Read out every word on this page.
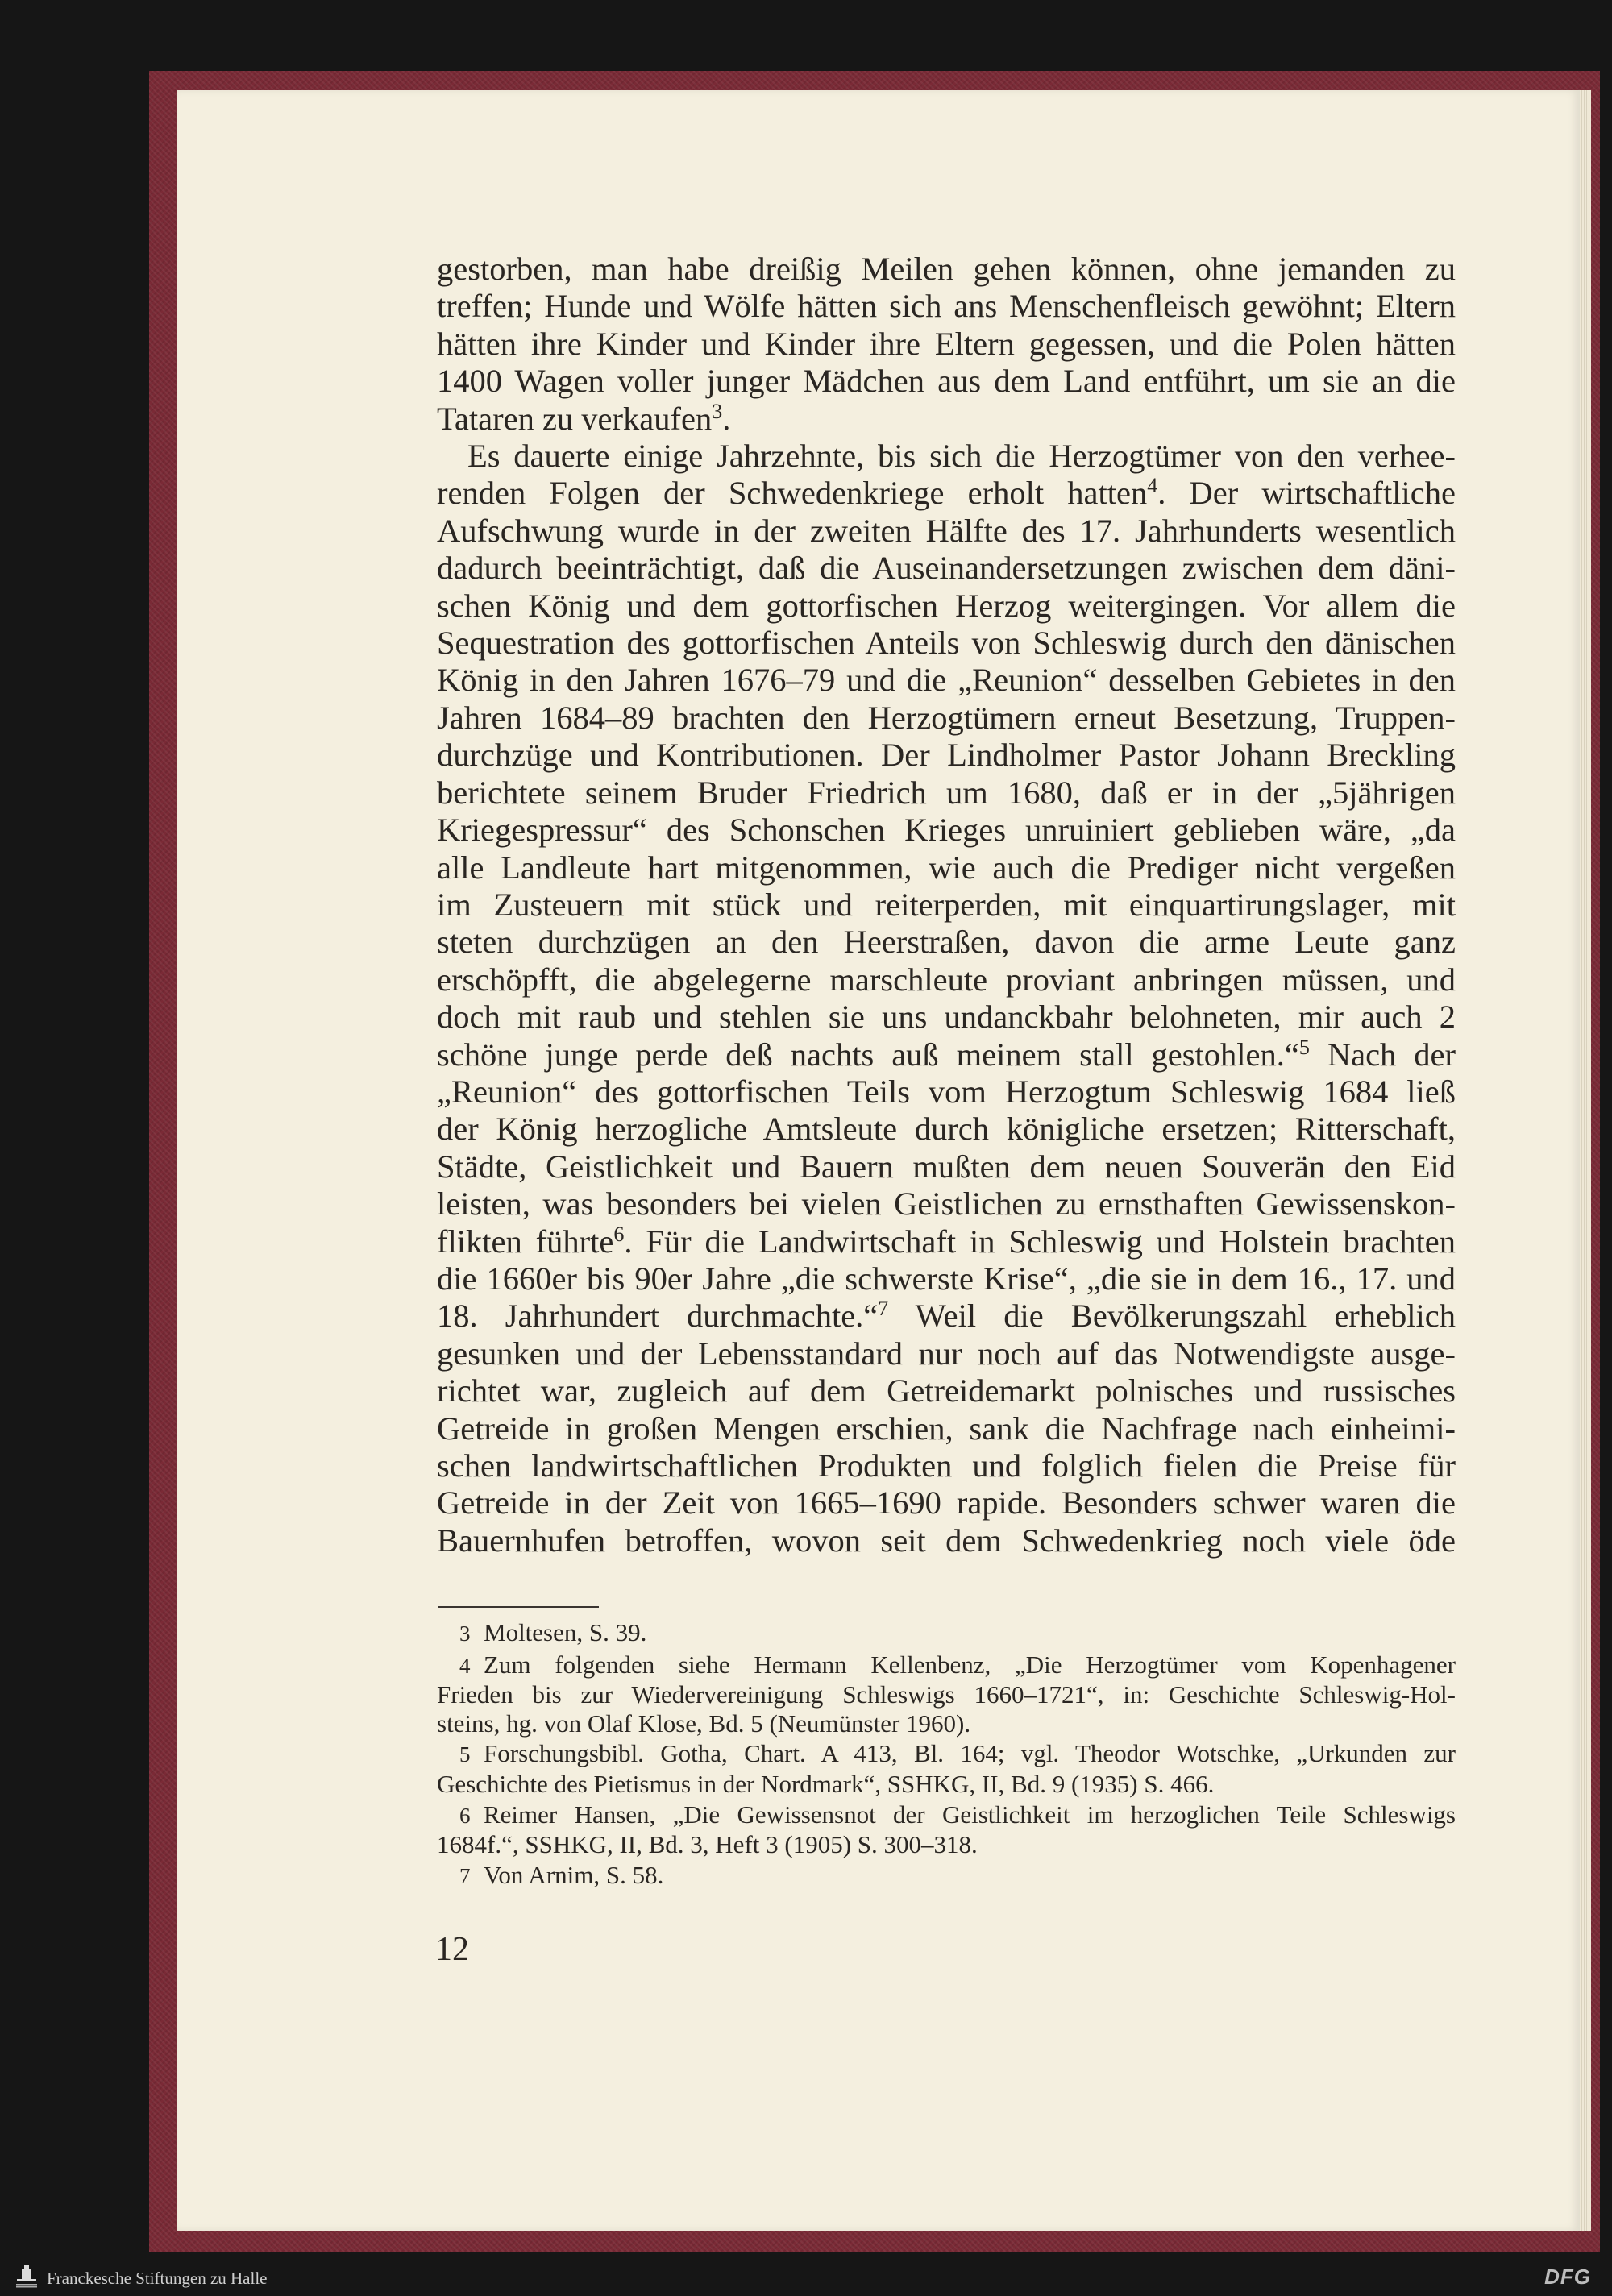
gestorben, man habe dreißig Meilen gehen können, ohne jemanden zu
treffen; Hunde und Wölfe hätten sich ans Menschenfleisch gewöhnt; Eltern
hätten ihre Kinder und Kinder ihre Eltern gegessen, und die Polen hätten
1400 Wagen voller junger Mädchen aus dem Land entführt, um sie an die
Tataren zu verkaufen$^3$.
Es dauerte einige Jahrzehnte, bis sich die Herzogtümer von den verhee-
renden Folgen der Schwedenkriege erholt hatten$^4$. Der wirtschaftliche
Aufschwung wurde in der zweiten Hälfte des 17. Jahrhunderts wesentlich
dadurch beeinträchtigt, daß die Auseinandersetzungen zwischen dem däni-
schen König und dem gottorfischen Herzog weitergingen. Vor allem die
Sequestration des gottorfischen Anteils von Schleswig durch den dänischen
König in den Jahren 1676–79 und die „Reunion“ desselben Gebietes in den
Jahren 1684–89 brachten den Herzogtümern erneut Besetzung, Truppen-
durchzüge und Kontributionen. Der Lindholmer Pastor Johann Breckling
berichtete seinem Bruder Friedrich um 1680, daß er in der „5jährigen
Kriegespressur“ des Schonschen Krieges unruiniert geblieben wäre, „da
alle Landleute hart mitgenommen, wie auch die Prediger nicht vergeßen
im Zusteuern mit stück und reiterperden, mit einquartirungslager, mit
steten durchzügen an den Heerstraßen, davon die arme Leute ganz
erschöpfft, die abgelegerne marschleute proviant anbringen müssen, und
doch mit raub und stehlen sie uns undanckbahr belohneten, mir auch 2
schöne junge perde deß nachts auß meinem stall gestohlen.“$^5$ Nach der
„Reunion“ des gottorfischen Teils vom Herzogtum Schleswig 1684 ließ
der König herzogliche Amtsleute durch königliche ersetzen; Ritterschaft,
Städte, Geistlichkeit und Bauern mußten dem neuen Souverän den Eid
leisten, was besonders bei vielen Geistlichen zu ernsthaften Gewissenskon-
flikten führte$^6$. Für die Landwirtschaft in Schleswig und Holstein brachten
die 1660er bis 90er Jahre „die schwerste Krise“, „die sie in dem 16., 17. und
18. Jahrhundert durchmachte.“$^7$ Weil die Bevölkerungszahl erheblich
gesunken und der Lebensstandard nur noch auf das Notwendigste ausge-
richtet war, zugleich auf dem Getreidemarkt polnisches und russisches
Getreide in großen Mengen erschien, sank die Nachfrage nach einheimi-
schen landwirtschaftlichen Produkten und folglich fielen die Preise für
Getreide in der Zeit von 1665–1690 rapide. Besonders schwer waren die
Bauernhufen betroffen, wovon seit dem Schwedenkrieg noch viele öde
3 Moltesen, S. 39.
4 Zum folgenden siehe Hermann Kellenbenz, „Die Herzogtümer vom Kopenhagener
Frieden bis zur Wiedervereinigung Schleswigs 1660–1721“, in: Geschichte Schleswig-Hol-
steins, hg. von Olaf Klose, Bd. 5 (Neumünster 1960).
5 Forschungsbibl. Gotha, Chart. A 413, Bl. 164; vgl. Theodor Wotschke, „Urkunden zur
Geschichte des Pietismus in der Nordmark“, SSHKG, II, Bd. 9 (1935) S. 466.
6 Reimer Hansen, „Die Gewissensnot der Geistlichkeit im herzoglichen Teile Schleswigs
1684f.“, SSHKG, II, Bd. 3, Heft 3 (1905) S. 300–318.
7 Von Arnim, S. 58.
12
Franckesche Stiftungen zu Halle	DFG
